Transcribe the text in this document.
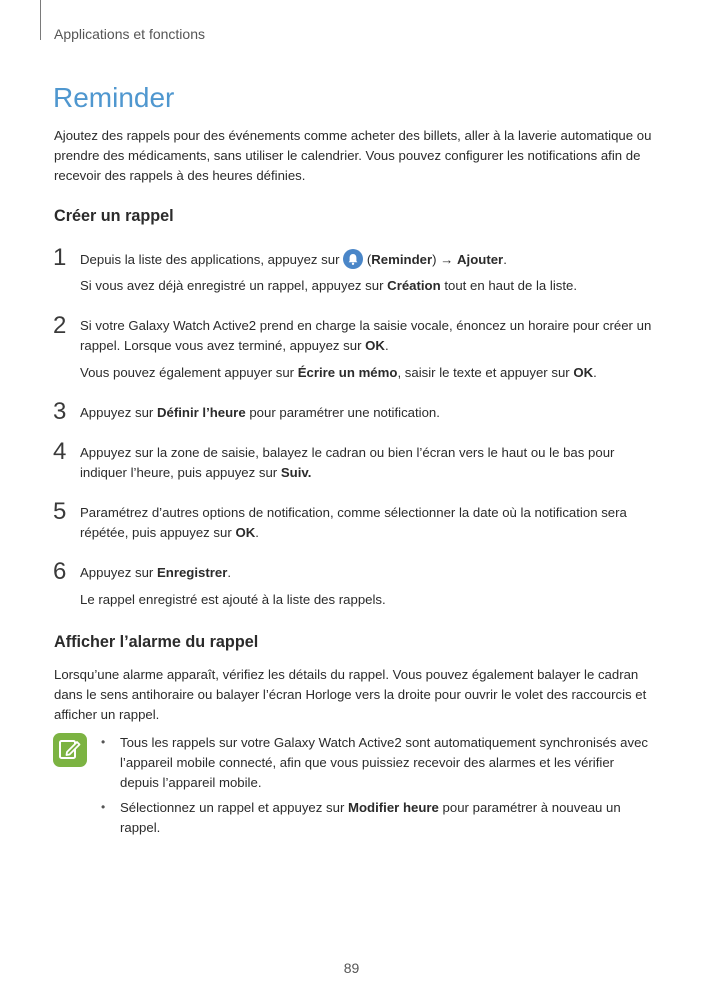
Applications et fonctions
Reminder
Ajoutez des rappels pour des événements comme acheter des billets, aller à la laverie automatique ou prendre des médicaments, sans utiliser le calendrier. Vous pouvez configurer les notifications afin de recevoir des rappels à des heures définies.
Créer un rappel
1 Depuis la liste des applications, appuyez sur (Reminder) → Ajouter.
Si vous avez déjà enregistré un rappel, appuyez sur Création tout en haut de la liste.
2 Si votre Galaxy Watch Active2 prend en charge la saisie vocale, énoncez un horaire pour créer un rappel. Lorsque vous avez terminé, appuyez sur OK.
Vous pouvez également appuyer sur Écrire un mémo, saisir le texte et appuyer sur OK.
3 Appuyez sur Définir l’heure pour paramétrer une notification.
4 Appuyez sur la zone de saisie, balayez le cadran ou bien l’écran vers le haut ou le bas pour indiquer l’heure, puis appuyez sur Suiv.
5 Paramétrez d’autres options de notification, comme sélectionner la date où la notification sera répétée, puis appuyez sur OK.
6 Appuyez sur Enregistrer.
Le rappel enregistré est ajouté à la liste des rappels.
Afficher l’alarme du rappel
Lorsqu’une alarme apparaît, vérifiez les détails du rappel. Vous pouvez également balayer le cadran dans le sens antihoraire ou balayer l’écran Horloge vers la droite pour ouvrir le volet des raccourcis et afficher un rappel.
• Tous les rappels sur votre Galaxy Watch Active2 sont automatiquement synchronisés avec l’appareil mobile connecté, afin que vous puissiez recevoir des alarmes et les vérifier depuis l’appareil mobile.
• Sélectionnez un rappel et appuyez sur Modifier heure pour paramétrer à nouveau un rappel.
89
